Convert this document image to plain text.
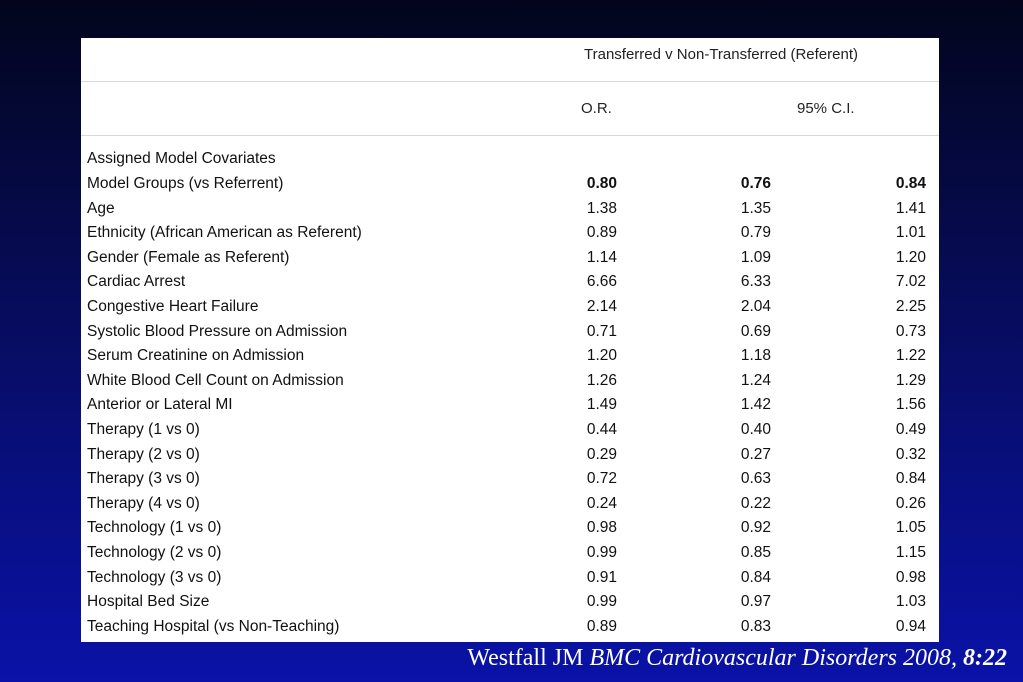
Transferred v Non-Transferred (Referent)
O.R.	95% C.I.
Assigned Model Covariates
Model Groups (vs Referrent)	0.80	0.76	0.84
Age	1.38	1.35	1.41
Ethnicity (African American as Referent)	0.89	0.79	1.01
Gender (Female as Referent)	1.14	1.09	1.20
Cardiac Arrest	6.66	6.33	7.02
Congestive Heart Failure	2.14	2.04	2.25
Systolic Blood Pressure on Admission	0.71	0.69	0.73
Serum Creatinine on Admission	1.20	1.18	1.22
White Blood Cell Count on Admission	1.26	1.24	1.29
Anterior or Lateral MI	1.49	1.42	1.56
Therapy (1 vs 0)	0.44	0.40	0.49
Therapy (2 vs 0)	0.29	0.27	0.32
Therapy (3 vs 0)	0.72	0.63	0.84
Therapy (4 vs 0)	0.24	0.22	0.26
Technology (1 vs 0)	0.98	0.92	1.05
Technology (2 vs 0)	0.99	0.85	1.15
Technology (3 vs 0)	0.91	0.84	0.98
Hospital Bed Size	0.99	0.97	1.03
Teaching Hospital (vs Non-Teaching)	0.89	0.83	0.94
Westfall JM BMC Cardiovascular Disorders 2008, 8:22
